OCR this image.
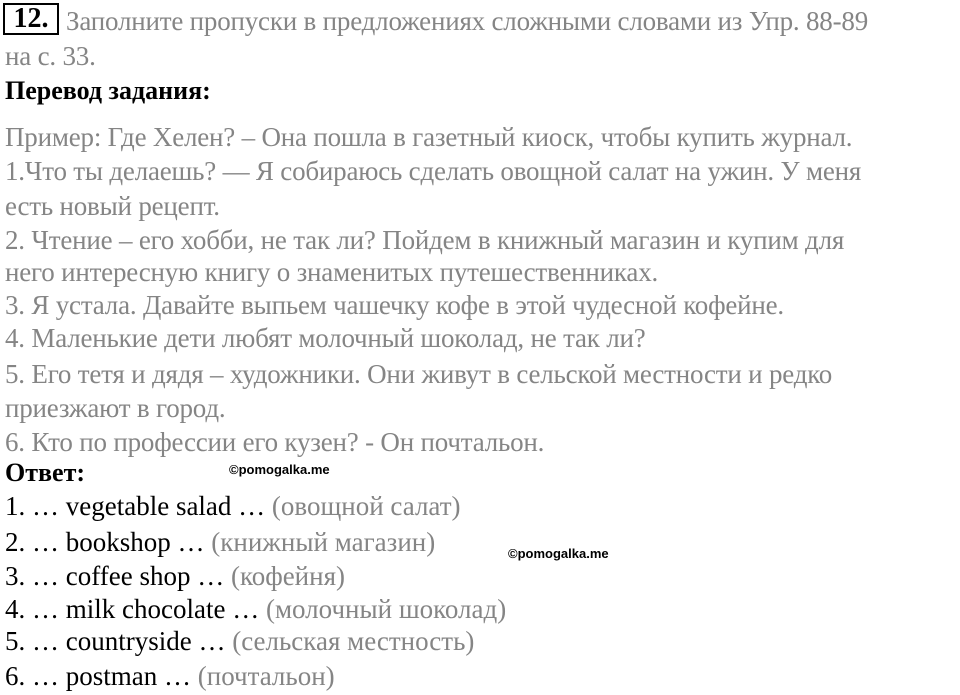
12. Заполните пропуски в предложениях сложными словами из Упр. 88-89
на с. 33.
Перевод задания:
Пример: Где Хелен? – Она пошла в газетный киоск, чтобы купить журнал.
1.Что ты делаешь? — Я собираюсь сделать овощной салат на ужин. У меня
есть новый рецепт.
2. Чтение – его хобби, не так ли? Пойдем в книжный магазин и купим для
него интересную книгу о знаменитых путешественниках.
3. Я устала. Давайте выпьем чашечку кофе в этой чудесной кофейне.
4. Маленькие дети любят молочный шоколад, не так ли?
5. Его тетя и дядя – художники. Они живут в сельской местности и редко
приезжают в город.
6. Кто по профессии его кузен? - Он почтальон.
Ответ:	©pomogalka.me
1. … vegetable salad … (овощной салат)
2. … bookshop … (книжный магазин)	©pomogalka.me
3. … coffee shop … (кофейня)
4. … milk chocolate … (молочный шоколад)
5. … countryside … (сельская местность)
6. … postman … (почтальон)
